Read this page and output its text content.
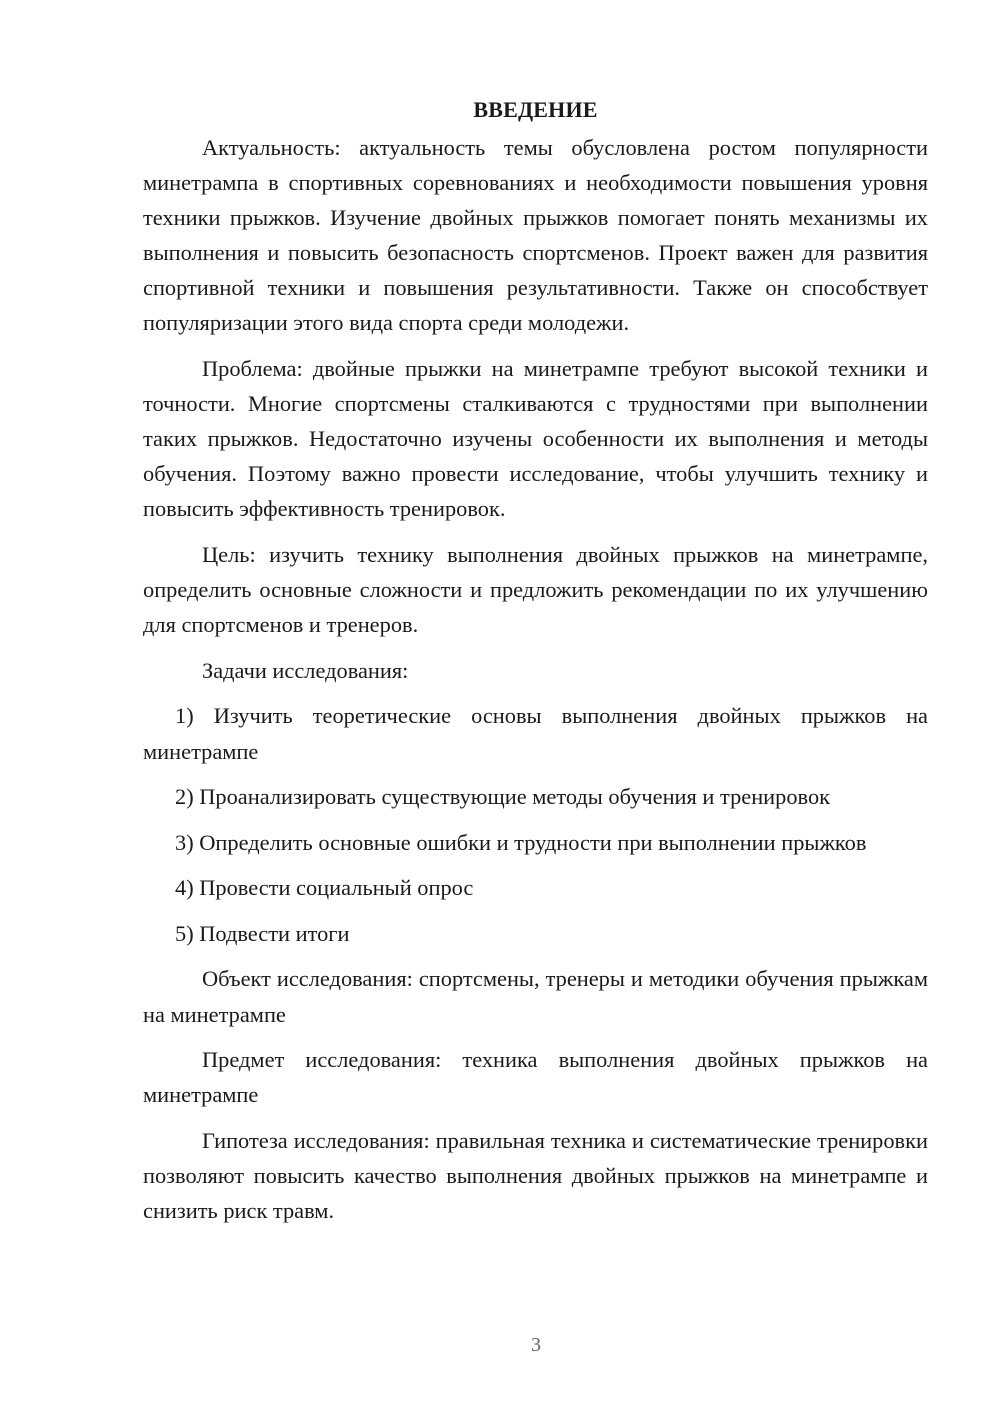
ВВЕДЕНИЕ

Актуальность: актуальность темы обусловлена ростом популярности минетрампа в спортивных соревнованиях и необходимости повышения уровня техники прыжков. Изучение двойных прыжков помогает понять механизмы их выполнения и повысить безопасность спортсменов. Проект важен для развития спортивной техники и повышения результативности. Также он способствует популяризации этого вида спорта среди молодежи.

Проблема: двойные прыжки на минетрампе требуют высокой техники и точности. Многие спортсмены сталкиваются с трудностями при выполнении таких прыжков. Недостаточно изучены особенности их выполнения и методы обучения. Поэтому важно провести исследование, чтобы улучшить технику и повысить эффективность тренировок.

Цель: изучить технику выполнения двойных прыжков на минетрампе, определить основные сложности и предложить рекомендации по их улучшению для спортсменов и тренеров.

Задачи исследования:

1) Изучить теоретические основы выполнения двойных прыжков на минетрампе

2) Проанализировать существующие методы обучения и тренировок

3) Определить основные ошибки и трудности при выполнении прыжков

4) Провести социальный опрос

5) Подвести итоги

Объект исследования: спортсмены, тренеры и методики обучения прыжкам на минетрампе

Предмет исследования: техника выполнения двойных прыжков на минетрампе

Гипотеза исследования: правильная техника и систематические тренировки позволяют повысить качество выполнения двойных прыжков на минетрампе и снизить риск травм.

3
